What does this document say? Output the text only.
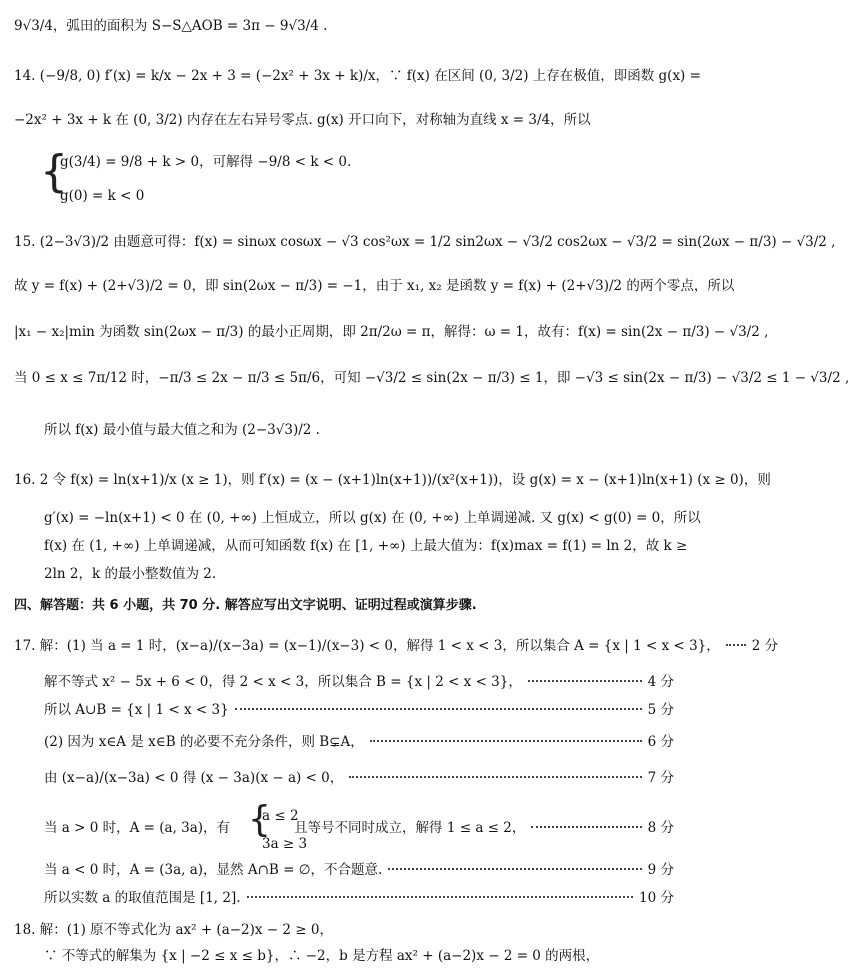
9√3/4，弧田的面积为 S−S△AOB = 3π − 9√3/4 .
14. (−9/8, 0) f′(x) = k/x − 2x + 3 = (−2x² + 3x + k)/x，∵ f(x) 在区间 (0, 3/2) 上存在极值，即函数 g(x) =
−2x² + 3x + k 在 (0, 3/2) 内存在左右异号零点. g(x) 开口向下，对称轴为直线 x = 3/4，所以
{
g(3/4) = 9/8 + k > 0，可解得 −9/8 < k < 0.
g(0) = k < 0
15. (2−3√3)/2 由题意可得：f(x) = sinωx cosωx − √3 cos²ωx = 1/2 sin2ωx − √3/2 cos2ωx − √3/2 = sin(2ωx − π/3) − √3/2 ,
故 y = f(x) + (2+√3)/2 = 0，即 sin(2ωx − π/3) = −1，由于 x₁, x₂ 是函数 y = f(x) + (2+√3)/2 的两个零点，所以
|x₁ − x₂|min 为函数 sin(2ωx − π/3) 的最小正周期，即 2π/2ω = π，解得：ω = 1，故有：f(x) = sin(2x − π/3) − √3/2 ,
当 0 ≤ x ≤ 7π/12 时，−π/3 ≤ 2x − π/3 ≤ 5π/6，可知 −√3/2 ≤ sin(2x − π/3) ≤ 1，即 −√3 ≤ sin(2x − π/3) − √3/2 ≤ 1 − √3/2 ,
所以 f(x) 最小值与最大值之和为 (2−3√3)/2 .
16. 2 令 f(x) = ln(x+1)/x (x ≥ 1)，则 f′(x) = (x − (x+1)ln(x+1))/(x²(x+1))，设 g(x) = x − (x+1)ln(x+1) (x ≥ 0)，则
g′(x) = −ln(x+1) < 0 在 (0, +∞) 上恒成立，所以 g(x) 在 (0, +∞) 上单调递减. 又 g(x) < g(0) = 0，所以
f(x) 在 (1, +∞) 上单调递减，从而可知函数 f(x) 在 [1, +∞) 上最大值为：f(x)max = f(1) = ln 2，故 k ≥
2ln 2，k 的最小整数值为 2.
四、解答题：共 6 小题，共 70 分. 解答应写出文字说明、证明过程或演算步骤.
17. 解：(1) 当 a = 1 时，(x−a)/(x−3a) = (x−1)/(x−3) < 0，解得 1 < x < 3，所以集合 A = {x | 1 < x < 3}， 2 分
解不等式 x² − 5x + 6 < 0，得 2 < x < 3，所以集合 B = {x | 2 < x < 3}，	4 分
所以 A∪B = {x | 1 < x < 3}	5 分
(2) 因为 x∈A 是 x∈B 的必要不充分条件，则 B⊊A，	6 分
由 (x−a)/(x−3a) < 0 得 (x − 3a)(x − a) < 0，	7 分
a ≤ 2
{
当 a > 0 时，A = (a, 3a)，有	且等号不同时成立，解得 1 ≤ a ≤ 2，	8 分
3a ≥ 3
当 a < 0 时，A = (3a, a)，显然 A∩B = ∅，不合题意.	9 分
所以实数 a 的取值范围是 [1, 2].	10 分
18. 解：(1) 原不等式化为 ax² + (a−2)x − 2 ≥ 0，
∵ 不等式的解集为 {x | −2 ≤ x ≤ b}，∴ −2，b 是方程 ax² + (a−2)x − 2 = 0 的两根，
